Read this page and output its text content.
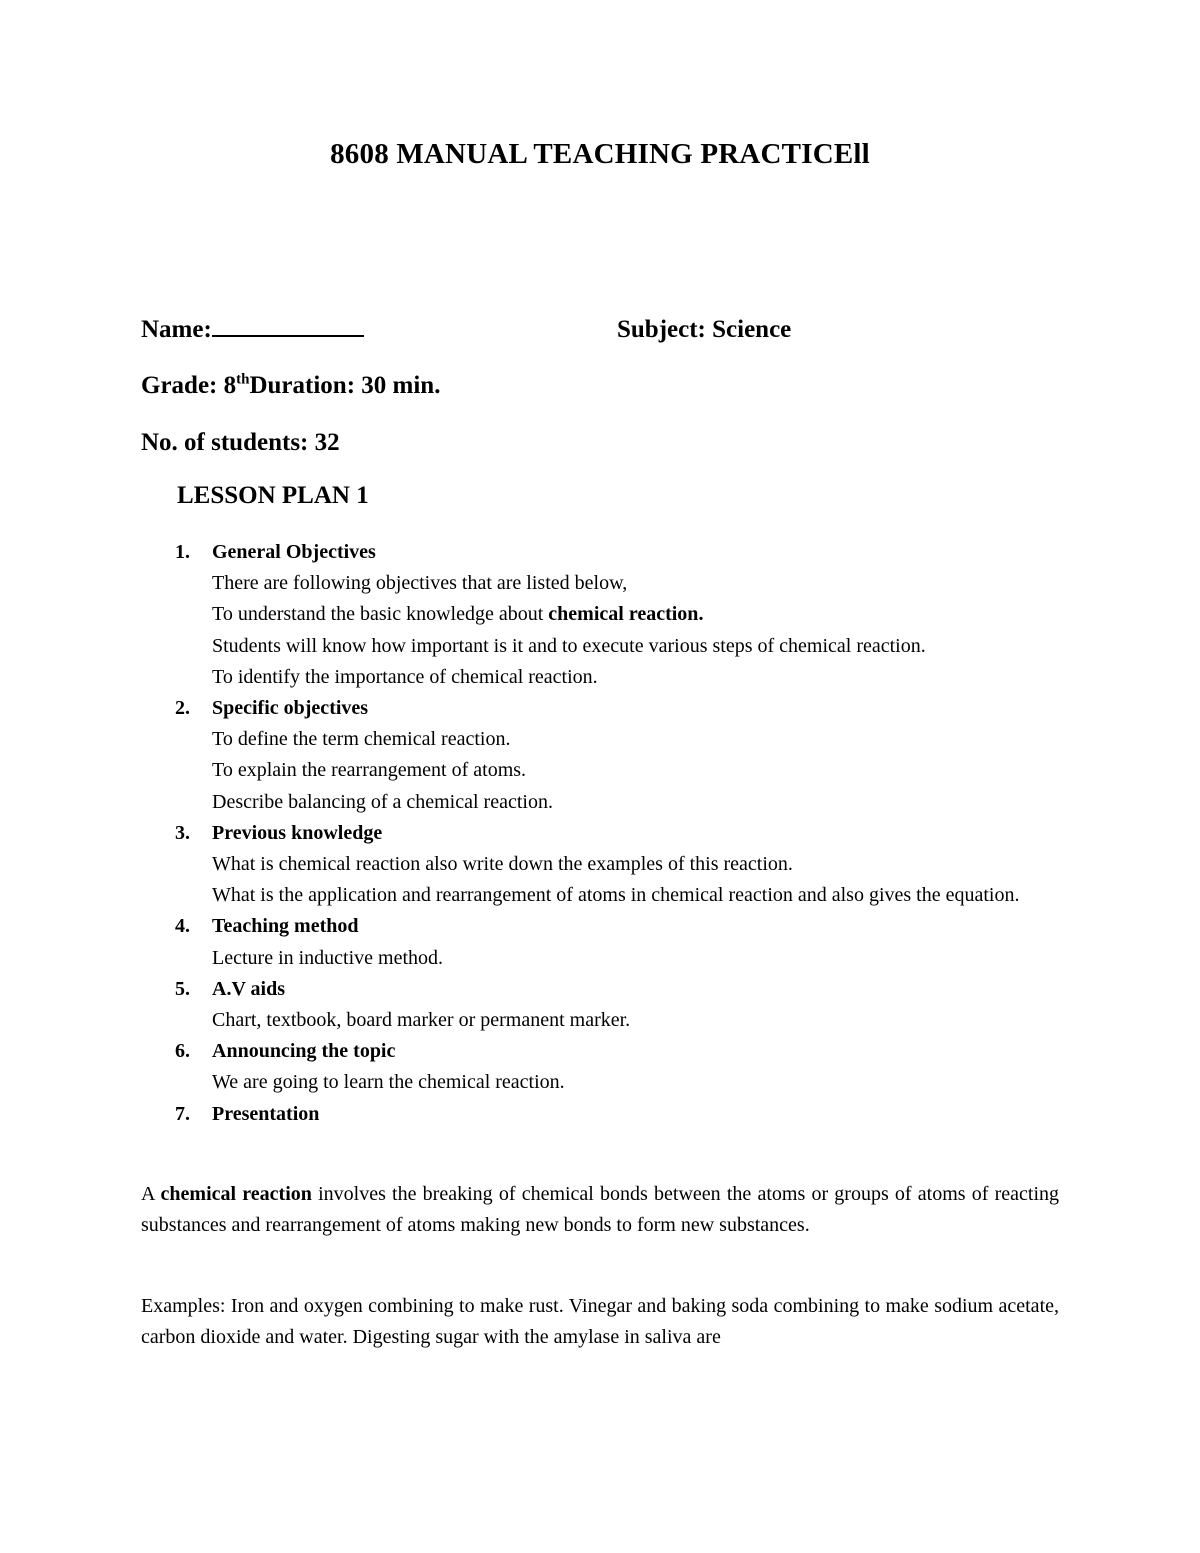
8608 MANUAL TEACHING PRACTICEll
Name:	Subject: Science
Grade: 8thDuration: 30 min.
No. of students: 32
LESSON PLAN 1
1. General Objectives
There are following objectives that are listed below,
To understand the basic knowledge about chemical reaction.
Students will know how important is it and to execute various steps of chemical reaction.
To identify the importance of chemical reaction.
2. Specific objectives
To define the term chemical reaction.
To explain the rearrangement of atoms.
Describe balancing of a chemical reaction.
3. Previous knowledge
What is chemical reaction also write down the examples of this reaction.
What is the application and rearrangement of atoms in chemical reaction and also gives the equation.
4. Teaching method
Lecture in inductive method.
5. A.V aids
Chart, textbook, board marker or permanent marker.
6. Announcing the topic
We are going to learn the chemical reaction.
7. Presentation

A chemical reaction involves the breaking of chemical bonds between the atoms or groups of atoms of reacting substances and rearrangement of atoms making new bonds to form new substances.

Examples: Iron and oxygen combining to make rust. Vinegar and baking soda combining to make sodium acetate, carbon dioxide and water. Digesting sugar with the amylase in saliva are
